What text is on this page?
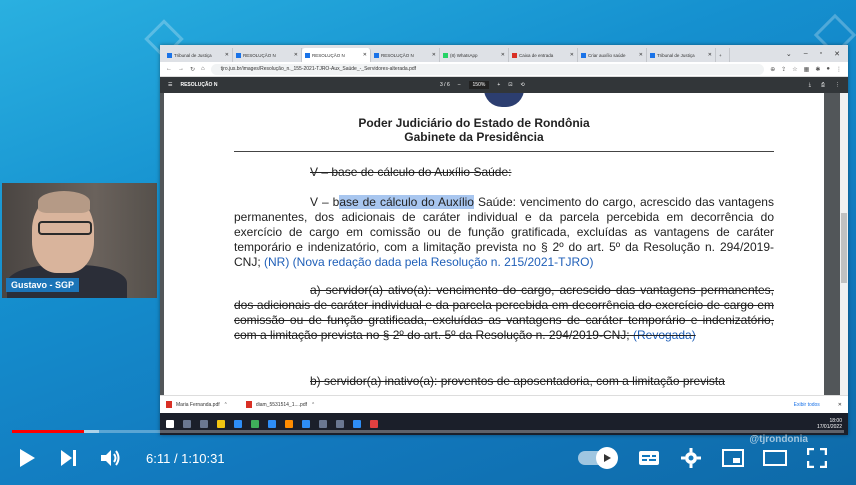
Gustavo - SGP
Tribunal de Justiça	✕	RESOLUÇÃO N	✕	RESOLUÇÃO N	✕	RESOLUÇÃO N	✕	(8) WhatsApp	✕	Caixa de entrada	✕	Criar auxílio saúde	✕	Tribunal de Justiça	✕	+	⌄ – ▫ ✕
← → ↻ ⌂	tjro.jus.br/images/Resolução_n._155-2021-TJRO-Aux_Saúde_-_Servidores-alterada.pdf	⊕ ⇪ ☆ ▦ ✱ ● ⋮
☰ RESOLUÇÃO N	3 / 6 –	150%	+ ⊡ ⟲	⤓ ⎙ ⋮
Poder Judiciário do Estado de Rondônia
Gabinete da Presidência
V – base de cálculo do Auxílio Saúde:
V – base de cálculo do Auxílio Saúde: vencimento do cargo, acrescido das vantagens permanentes, dos adicionais de caráter individual e da parcela percebida em decorrência do exercício de cargo em comissão ou de função gratificada, excluídas as vantagens de caráter temporário e indenizatório, com a limitação prevista no § 2º do art. 5º da Resolução n. 294/2019-CNJ; (NR) (Nova redação dada pela Resolução n. 215/2021-TJRO)
a) servidor(a) ativo(a): vencimento do cargo, acrescido das vantagens permanentes, dos adicionais de caráter individual e da parcela percebida em decorrência do exercício de cargo em comissão ou de função gratificada, excluídas as vantagens de caráter temporário e indenizatório, com a limitação prevista no § 2º do art. 5º da Resolução n. 294/2019-CNJ; (Revogada)
b) servidor(a) inativo(a): proventos de aposentadoria, com a limitação prevista
Maria Fernanda.pdf ⌃	diam_5531514_1....pdf ⌃	Exibir todos	✕
18:00
17/01/2022
@tjrondonia
6:11 / 1:10:31
